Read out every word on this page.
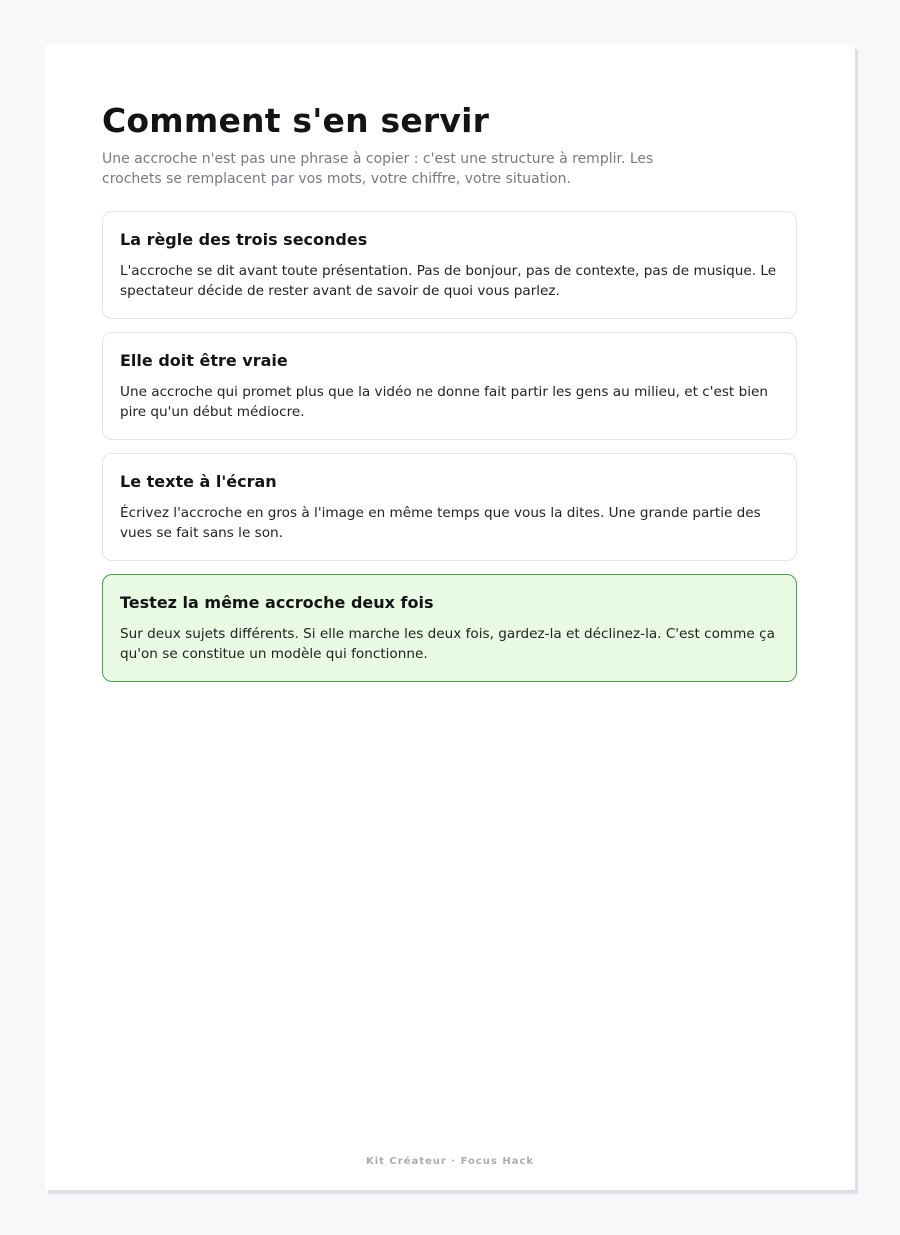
Comment s'en servir

Une accroche n'est pas une phrase à copier : c'est une structure à remplir. Les crochets se remplacent par vos mots, votre chiffre, votre situation.

La règle des trois secondes

L'accroche se dit avant toute présentation. Pas de bonjour, pas de contexte, pas de musique. Le spectateur décide de rester avant de savoir de quoi vous parlez.

Elle doit être vraie

Une accroche qui promet plus que la vidéo ne donne fait partir les gens au milieu, et c'est bien pire qu'un début médiocre.

Le texte à l'écran

Écrivez l'accroche en gros à l'image en même temps que vous la dites. Une grande partie des vues se fait sans le son.

Testez la même accroche deux fois

Sur deux sujets différents. Si elle marche les deux fois, gardez-la et déclinez-la. C'est comme ça qu'on se constitue un modèle qui fonctionne.

Kit Créateur · Focus Hack
